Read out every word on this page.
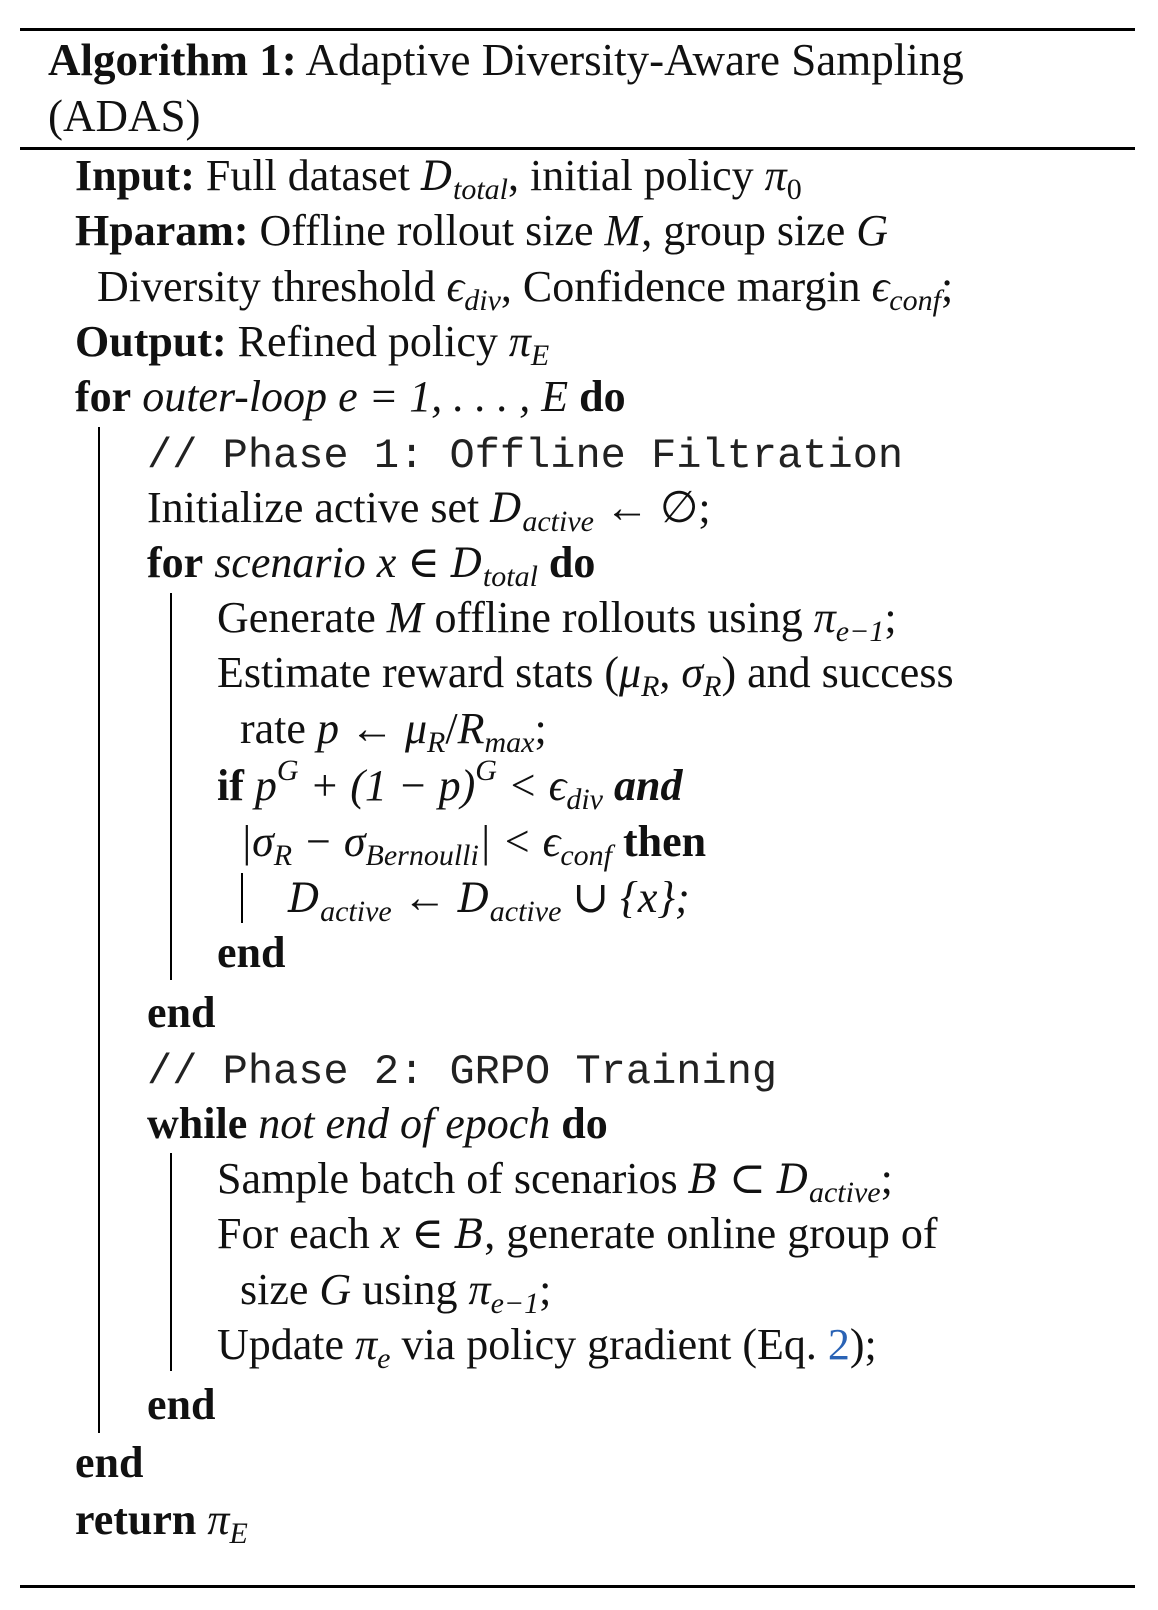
Algorithm 1: Adaptive Diversity-Aware Sampling
(ADAS)
Input: Full dataset $D_{total}$, initial policy $\pi_0$
Hparam: Offline rollout size M, group size G
Diversity threshold $\epsilon_{div}$, Confidence margin $\epsilon_{conf}$;
Output: Refined policy $\pi_E$
for outer-loop e = 1, . . . , E do
// Phase 1: Offline Filtration
Initialize active set $D_{active}$ ← ∅;
for scenario x ∈ $D_{total}$ do
Generate M offline rollouts using $\pi_{e-1}$;
Estimate reward stats ($\mu_R$, $\sigma_R$) and success
rate p ← $\mu_R/R_{max}$;
if $p^G + (1 - p)^G < \epsilon_{div}$ and
$|\sigma_R - \sigma_{Bernoulli}| < \epsilon_{conf}$ then
$D_{active}$ ← $D_{active}$ ∪ {x};
end
end
// Phase 2: GRPO Training
while not end of epoch do
Sample batch of scenarios B ⊂ $D_{active}$;
For each x ∈ B, generate online group of
size G using $\pi_{e-1}$;
Update $\pi_e$ via policy gradient (Eq. 2);
end
end
return $\pi_E$
